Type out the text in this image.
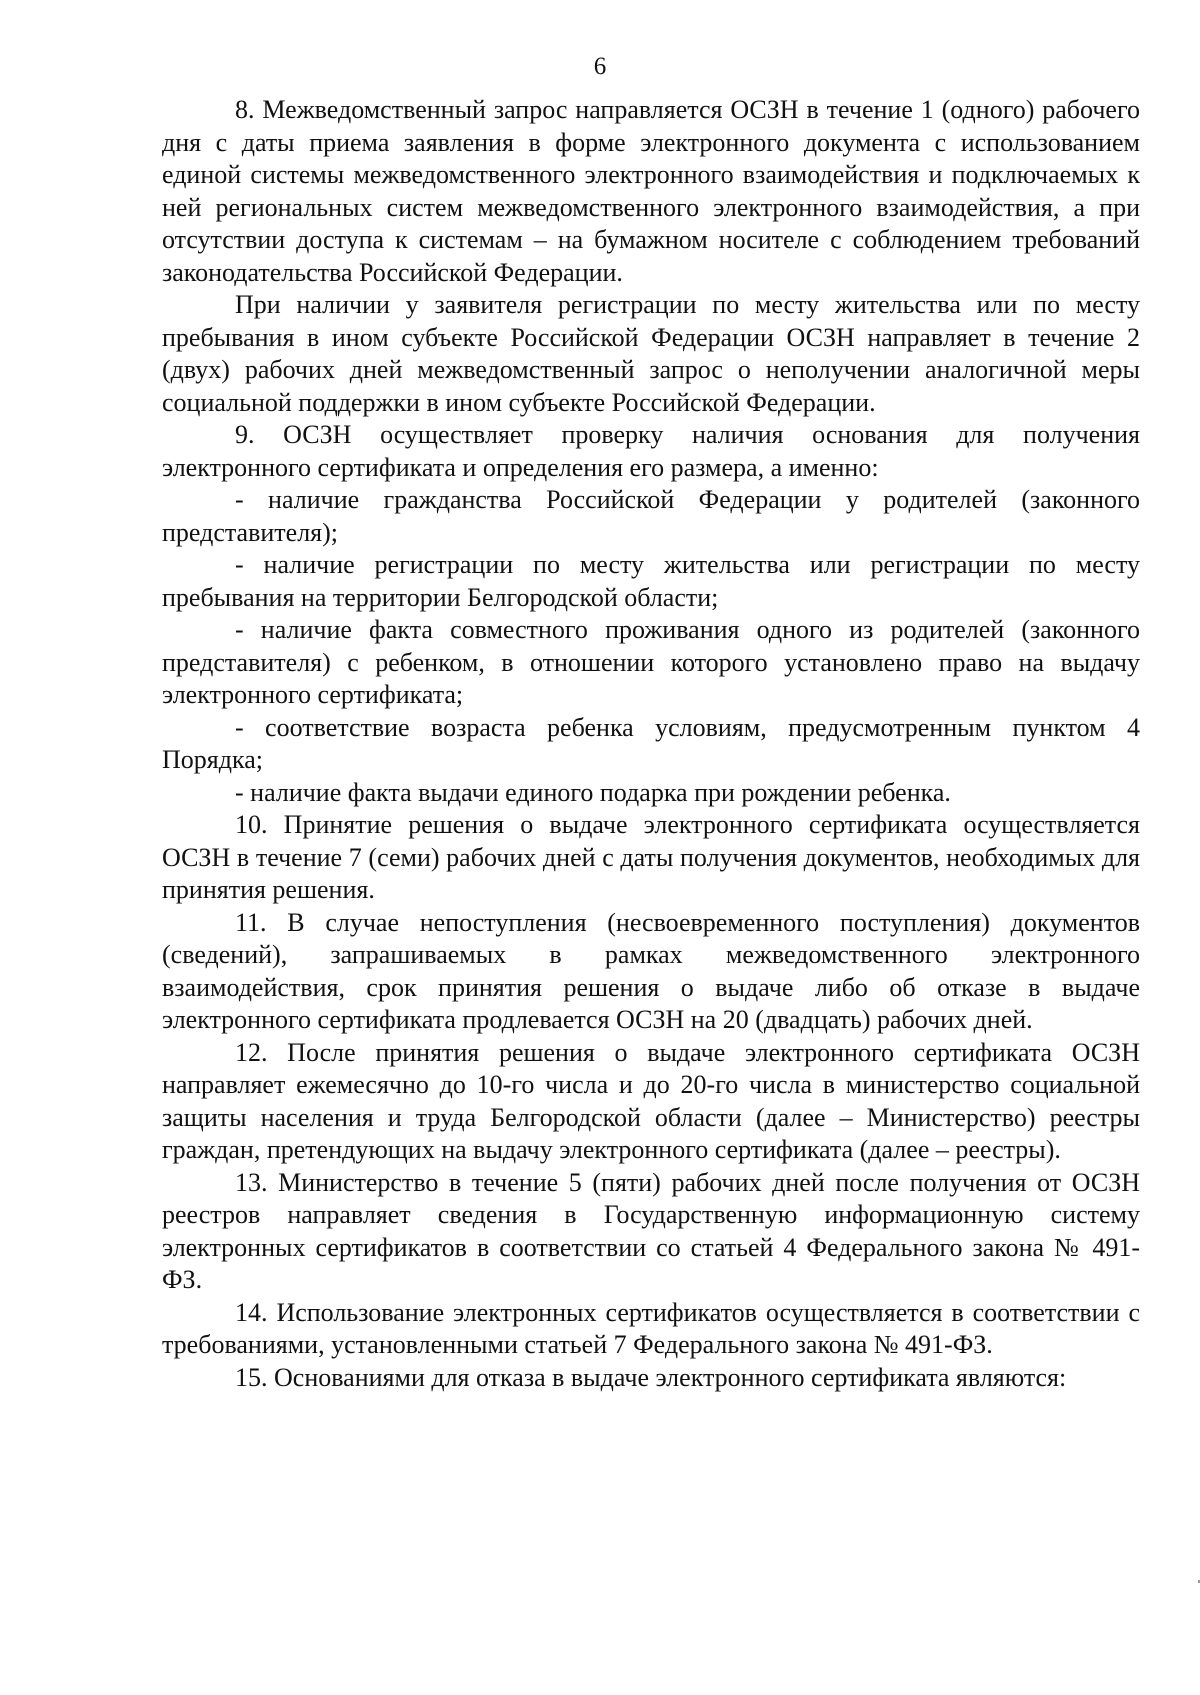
6

8. Межведомственный запрос направляется ОСЗН в течение 1 (одного) рабочего дня с даты приема заявления в форме электронного документа с использованием единой системы межведомственного электронного взаимодействия и подключаемых к ней региональных систем межведомственного электронного взаимодействия, а при отсутствии доступа к системам – на бумажном носителе с соблюдением требований законодательства Российской Федерации.

При наличии у заявителя регистрации по месту жительства или по месту пребывания в ином субъекте Российской Федерации ОСЗН направляет в течение 2 (двух) рабочих дней межведомственный запрос о неполучении аналогичной меры социальной поддержки в ином субъекте Российской Федерации.

9. ОСЗН осуществляет проверку наличия основания для получения электронного сертификата и определения его размера, а именно:

- наличие гражданства Российской Федерации у родителей (законного представителя);

- наличие регистрации по месту жительства или регистрации по месту пребывания на территории Белгородской области;

- наличие факта совместного проживания одного из родителей (законного представителя) с ребенком, в отношении которого установлено право на выдачу электронного сертификата;

- соответствие возраста ребенка условиям, предусмотренным пунктом 4 Порядка;

- наличие факта выдачи единого подарка при рождении ребенка.

10. Принятие решения о выдаче электронного сертификата осуществляется ОСЗН в течение 7 (семи) рабочих дней с даты получения документов, необходимых для принятия решения.

11. В случае непоступления (несвоевременного поступления) документов (сведений), запрашиваемых в рамках межведомственного электронного взаимодействия, срок принятия решения о выдаче либо об отказе в выдаче электронного сертификата продлевается ОСЗН на 20 (двадцать) рабочих дней.

12. После принятия решения о выдаче электронного сертификата ОСЗН направляет ежемесячно до 10-го числа и до 20-го числа в министерство социальной защиты населения и труда Белгородской области (далее – Министерство) реестры граждан, претендующих на выдачу электронного сертификата (далее – реестры).

13. Министерство в течение 5 (пяти) рабочих дней после получения от ОСЗН реестров направляет сведения в Государственную информационную систему электронных сертификатов в соответствии со статьей 4 Федерального закона № 491-ФЗ.

14. Использование электронных сертификатов осуществляется в соответствии с требованиями, установленными статьей 7 Федерального закона № 491-ФЗ.

15. Основаниями для отказа в выдаче электронного сертификата являются:
